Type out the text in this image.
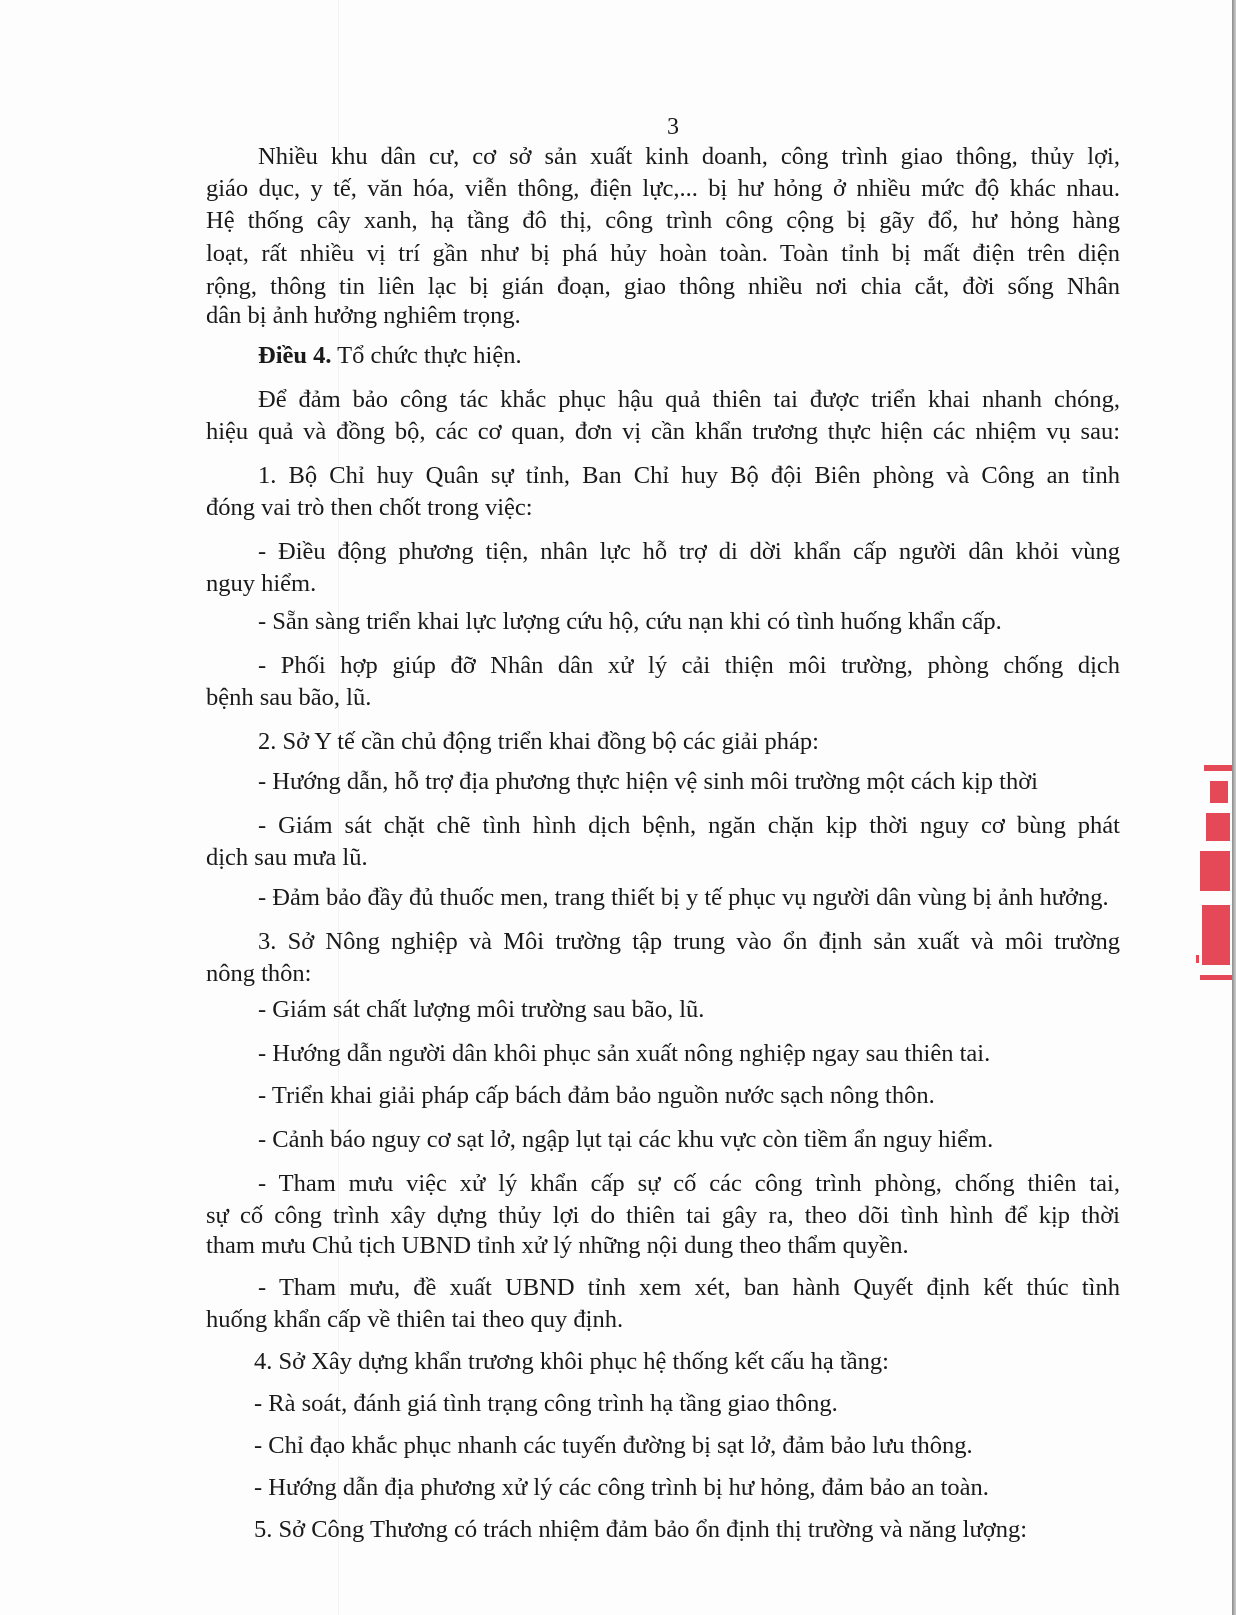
3
Nhiều khu dân cư, cơ sở sản xuất kinh doanh, công trình giao thông, thủy lợi,
giáo dục, y tế, văn hóa, viễn thông, điện lực,... bị hư hỏng ở nhiều mức độ khác nhau.
Hệ thống cây xanh, hạ tầng đô thị, công trình công cộng bị gãy đổ, hư hỏng hàng
loạt, rất nhiều vị trí gần như bị phá hủy hoàn toàn. Toàn tỉnh bị mất điện trên diện
rộng, thông tin liên lạc bị gián đoạn, giao thông nhiều nơi chia cắt, đời sống Nhân
dân bị ảnh hưởng nghiêm trọng.
Điều 4. Tổ chức thực hiện.
Để đảm bảo công tác khắc phục hậu quả thiên tai được triển khai nhanh chóng,
hiệu quả và đồng bộ, các cơ quan, đơn vị cần khẩn trương thực hiện các nhiệm vụ sau:
1. Bộ Chỉ huy Quân sự tỉnh, Ban Chỉ huy Bộ đội Biên phòng và Công an tỉnh
đóng vai trò then chốt trong việc:
- Điều động phương tiện, nhân lực hỗ trợ di dời khẩn cấp người dân khỏi vùng
nguy hiểm.
- Sẵn sàng triển khai lực lượng cứu hộ, cứu nạn khi có tình huống khẩn cấp.
- Phối hợp giúp đỡ Nhân dân xử lý cải thiện môi trường, phòng chống dịch
bệnh sau bão, lũ.
2. Sở Y tế cần chủ động triển khai đồng bộ các giải pháp:
- Hướng dẫn, hỗ trợ địa phương thực hiện vệ sinh môi trường một cách kịp thời
- Giám sát chặt chẽ tình hình dịch bệnh, ngăn chặn kịp thời nguy cơ bùng phát
dịch sau mưa lũ.
- Đảm bảo đầy đủ thuốc men, trang thiết bị y tế phục vụ người dân vùng bị ảnh hưởng.
3. Sở Nông nghiệp và Môi trường tập trung vào ổn định sản xuất và môi trường
nông thôn:
- Giám sát chất lượng môi trường sau bão, lũ.
- Hướng dẫn người dân khôi phục sản xuất nông nghiệp ngay sau thiên tai.
- Triển khai giải pháp cấp bách đảm bảo nguồn nước sạch nông thôn.
- Cảnh báo nguy cơ sạt lở, ngập lụt tại các khu vực còn tiềm ẩn nguy hiểm.
- Tham mưu việc xử lý khẩn cấp sự cố các công trình phòng, chống thiên tai,
sự cố công trình xây dựng thủy lợi do thiên tai gây ra, theo dõi tình hình để kịp thời
tham mưu Chủ tịch UBND tỉnh xử lý những nội dung theo thẩm quyền.
- Tham mưu, đề xuất UBND tỉnh xem xét, ban hành Quyết định kết thúc tình
huống khẩn cấp về thiên tai theo quy định.
4. Sở Xây dựng khẩn trương khôi phục hệ thống kết cấu hạ tầng:
- Rà soát, đánh giá tình trạng công trình hạ tầng giao thông.
- Chỉ đạo khắc phục nhanh các tuyến đường bị sạt lở, đảm bảo lưu thông.
- Hướng dẫn địa phương xử lý các công trình bị hư hỏng, đảm bảo an toàn.
5. Sở Công Thương có trách nhiệm đảm bảo ổn định thị trường và năng lượng:
